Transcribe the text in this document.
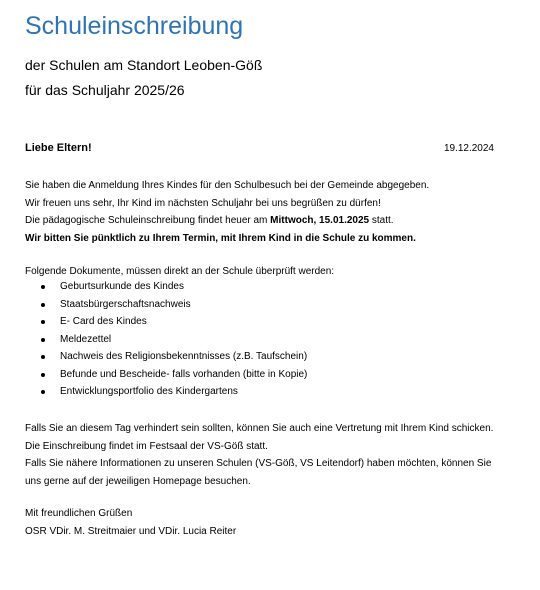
Schuleinschreibung
der Schulen am Standort Leoben-Göß
für das Schuljahr 2025/26
Liebe Eltern!	19.12.2024
Sie haben die Anmeldung Ihres Kindes für den Schulbesuch bei der Gemeinde abgegeben.
Wir freuen uns sehr, Ihr Kind im nächsten Schuljahr bei uns begrüßen zu dürfen!
Die pädagogische Schuleinschreibung findet heuer am Mittwoch, 15.01.2025 statt.
Wir bitten Sie pünktlich zu Ihrem Termin, mit Ihrem Kind in die Schule zu kommen.
Folgende Dokumente, müssen direkt an der Schule überprüft werden:
Geburtsurkunde des Kindes
Staatsbürgerschaftsnachweis
E- Card des Kindes
Meldezettel
Nachweis des Religionsbekenntnisses (z.B. Taufschein)
Befunde und Bescheide- falls vorhanden (bitte in Kopie)
Entwicklungsportfolio des Kindergartens
Falls Sie an diesem Tag verhindert sein sollten, können Sie auch eine Vertretung mit Ihrem Kind schicken.
Die Einschreibung findet im Festsaal der VS-Göß statt.
Falls Sie nähere Informationen zu unseren Schulen (VS-Göß, VS Leitendorf) haben möchten, können Sie
uns gerne auf der jeweiligen Homepage besuchen.
Mit freundlichen Grüßen
OSR VDir. M. Streitmaier und VDir. Lucia Reiter
